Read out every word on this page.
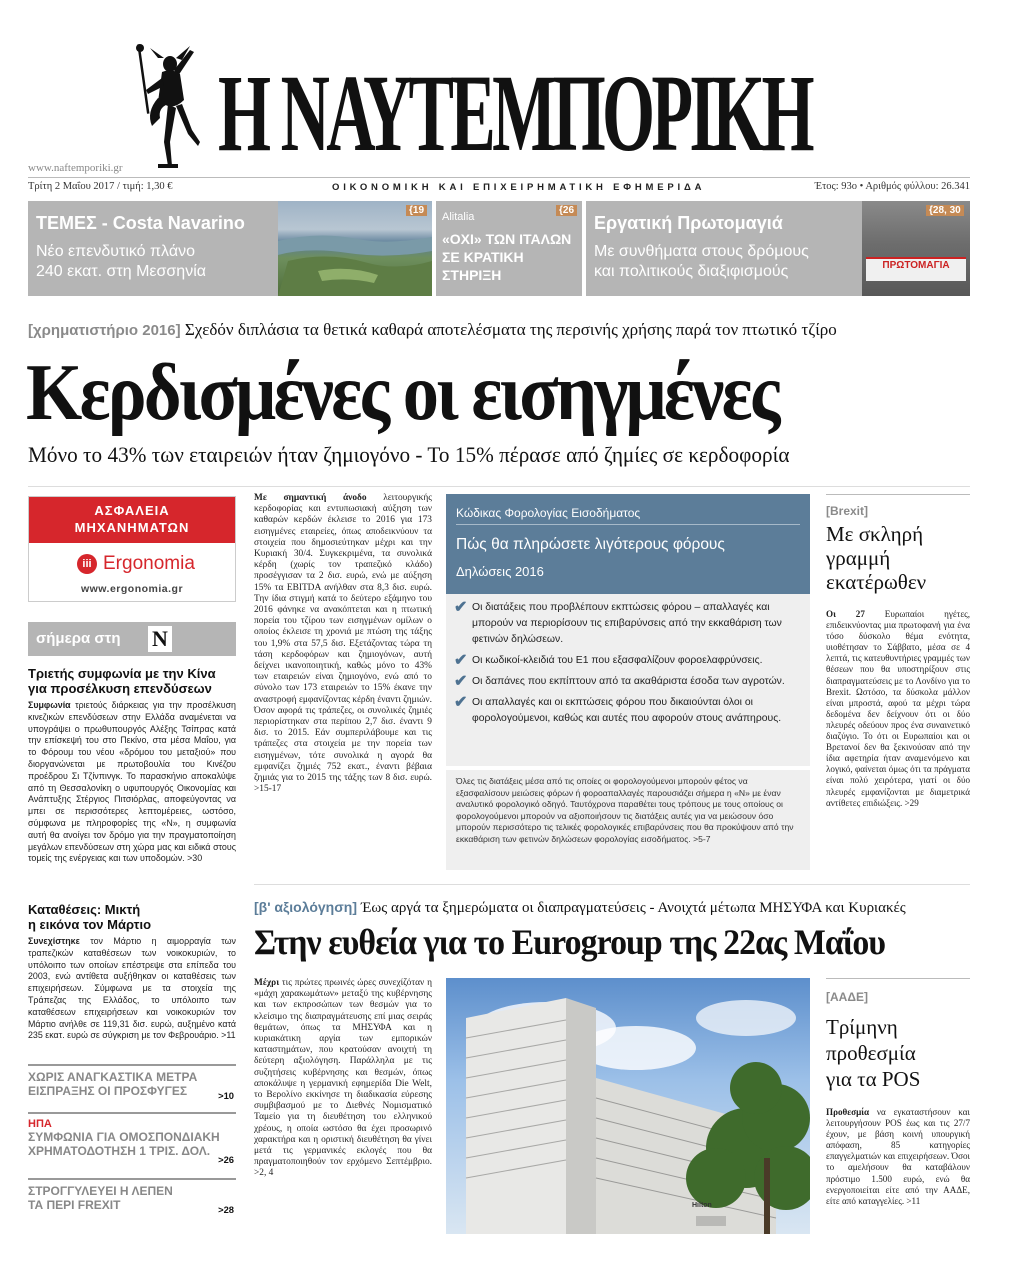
Η ΝΑΥΤΕΜΠΟΡΙΚΗ
www.naftemporiki.gr
Τρίτη 2 Μαΐου 2017 / τιμή: 1,30 €	ΟΙΚΟΝΟΜΙΚΗ ΚΑΙ ΕΠΙΧΕΙΡΗΜΑΤΙΚΗ ΕΦΗΜΕΡΙΔΑ	Έτος: 93ο • Αριθμός φύλλου: 26.341
ΤΕΜΕΣ - Costa Navarino
Νέο επενδυτικό πλάνο
240 εκατ. στη Μεσσηνία
{19
Alitalia
«ΟΧΙ» ΤΩΝ ΙΤΑΛΩΝ
ΣΕ ΚΡΑΤΙΚΗ
ΣΤΗΡΙΞΗ
{26
ΠΡΩΤΟΜΑΓΙΑ
Εργατική Πρωτομαγιά
Με συνθήματα στους δρόμους
και πολιτικούς διαξιφισμούς
{28, 30
[χρηματιστήριο 2016] Σχεδόν διπλάσια τα θετικά καθαρά αποτελέσματα της περσινής χρήσης παρά τον πτωτικό τζίρο
Κερδισμένες οι εισηγμένες
Μόνο το 43% των εταιρειών ήταν ζημιογόνο - Το 15% πέρασε από ζημίες σε κερδοφορία
ΑΣΦΑΛΕΙΑ
ΜΗΧΑΝΗΜΑΤΩΝ
iii Ergonomia
www.ergonomia.gr
σήμερα στη Ν
Τριετής συμφωνία με την Κίνα
για προσέλκυση επενδύσεων
Συμφωνία τριετούς διάρκειας για την προσέλκυση κινεζικών επενδύσεων στην Ελλάδα αναμένεται να υπογράψει ο πρωθυπουργός Αλέξης Τσίπρας κατά την επίσκεψή του στο Πεκίνο, στα μέσα Μαΐου, για το Φόρουμ του νέου «δρόμου του μεταξιού» που διοργανώνεται με πρωτοβουλία του Κινέζου προέδρου Σι Τζίνπινγκ. Το παρασκήνιο αποκαλύψε από τη Θεσσαλονίκη ο υφυπουργός Οικονομίας και Ανάπτυξης Στέργιος Πιτσιόρλας, αποφεύγοντας να μπει σε περισσότερες λεπτομέρειες, ωστόσο, σύμφωνα με πληροφορίες της «Ν», η συμφωνία αυτή θα ανοίγει τον δρόμο για την πραγματοποίηση μεγάλων επενδύσεων στη χώρα μας και ειδικά στους τομείς της ενέργειας και των υποδομών. >30
Καταθέσεις: Μικτή
η εικόνα τον Μάρτιο
Συνεχίστηκε τον Μάρτιο η αιμορραγία των τραπεζικών καταθέσεων των νοικοκυριών, το υπόλοιπο των οποίων επέστρεψε στα επίπεδα του 2003, ενώ αντίθετα αυξήθηκαν οι καταθέσεις των επιχειρήσεων. Σύμφωνα με τα στοιχεία της Τράπεζας της Ελλάδος, το υπόλοιπο των καταθέσεων επιχειρήσεων και νοικοκυριών τον Μάρτιο ανήλθε σε 119,31 δισ. ευρώ, αυξημένο κατά 235 εκατ. ευρώ σε σύγκριση με τον Φεβρουάριο. >11
ΧΩΡΙΣ ΑΝΑΓΚΑΣΤΙΚΑ ΜΕΤΡΑ
ΕΙΣΠΡΑΞΗΣ ΟΙ ΠΡΟΣΦΥΓΕΣ	>10
ΗΠΑ
ΣΥΜΦΩΝΙΑ ΓΙΑ ΟΜΟΣΠΟΝΔΙΑΚΗ
ΧΡΗΜΑΤΟΔΟΤΗΣΗ 1 ΤΡΙΣ. ΔΟΛ.
>26
ΣΤΡΟΓΓΥΛΕΥΕΙ Η ΛΕΠΕΝ
ΤΑ ΠΕΡΙ FREXIT	>28
Με σημαντική άνοδο λειτουργικής κερδοφορίας και εντυπωσιακή αύξηση των καθαρών κερδών έκλεισε το 2016 για 173 εισηγμένες εταιρείες, όπως αποδεικνύουν τα στοιχεία που δημοσιεύτηκαν μέχρι και την Κυριακή 30/4. Συγκεκριμένα, τα συνολικά κέρδη (χωρίς τον τραπεζικό κλάδο) προσέγγισαν τα 2 δισ. ευρώ, ενώ με αύξηση 15% τα EBITDA ανήλθαν στα 8,3 δισ. ευρώ. Την ίδια στιγμή κατά το δεύτερο εξάμηνο του 2016 φάνηκε να ανακόπτεται και η πτωτική πορεία του τζίρου των εισηγμένων ομίλων ο οποίος έκλεισε τη χρονιά με πτώση της τάξης του 1,9% στα 57,5 δισ. Εξετάζοντας τώρα τη τάση κερδοφόρων και ζημιογόνων, αυτή δείχνει ικανοποιητική, καθώς μόνο το 43% των εταιρειών είναι ζημιογόνο, ενώ από το σύνολο των 173 εταιρειών το 15% έκανε την αναστροφή εμφανίζοντας κέρδη έναντι ζημιών. Όσον αφορά τις τράπεζες, οι συνολικές ζημιές περιορίστηκαν στα περίπου 2,7 δισ. έναντι 9 δισ. το 2015. Εάν συμπεριλάβουμε και τις τράπεζες στα στοιχεία με την πορεία των εισηγμένων, τότε συνολικά η αγορά θα εμφανίζει ζημιές 752 εκατ., έναντι βέβαια ζημιάς για το 2015 της τάξης των 8 δισ. ευρώ. >15-17
Κώδικας Φορολογίας Εισοδήματος
Πώς θα πληρώσετε λιγότερους φόρους
Δηλώσεις 2016
✔ Οι διατάξεις που προβλέπουν εκπτώσεις φόρου – απαλλαγές και μπορούν να περιορίσουν τις επιβαρύνσεις από την εκκαθάριση των φετινών δηλώσεων.
✔ Οι κωδικοί-κλειδιά του Ε1 που εξασφαλίζουν φοροελαφρύνσεις.
✔ Οι δαπάνες που εκπίπτουν από τα ακαθάριστα έσοδα των αγροτών.
✔ Οι απαλλαγές και οι εκπτώσεις φόρου που δικαιούνται όλοι οι φορολογούμενοι, καθώς και αυτές που αφορούν στους ανάπηρους.
Όλες τις διατάξεις μέσα από τις οποίες οι φορολογούμενοι μπορούν φέτος να εξασφαλίσουν μειώσεις φόρων ή φοροαπαλλαγές παρουσιάζει σήμερα η «Ν» με έναν αναλυτικό φορολογικό οδηγό. Ταυτόχρονα παραθέτει τους τρόπους με τους οποίους οι φορολογούμενοι μπορούν να αξιοποιήσουν τις διατάξεις αυτές για να μειώσουν όσο μπορούν περισσότερο τις τελικές φορολογικές επιβαρύνσεις που θα προκύψουν από την εκκαθάριση των φετινών δηλώσεων φορολογίας εισοδήματος. >5-7
[Brexit]
Με σκληρή
γραμμή
εκατέρωθεν
Οι 27 Ευρωπαίοι ηγέτες, επιδεικνύοντας μια πρωτοφανή για ένα τόσο δύσκολο θέμα ενότητα, υιοθέτησαν το Σάββατο, μέσα σε 4 λεπτά, τις κατευθυντήριες γραμμές των θέσεων που θα υποστηρίξουν στις διαπραγματεύσεις με το Λονδίνο για το Brexit. Ωστόσο, τα δύσκολα μάλλον είναι μπροστά, αφού τα μέχρι τώρα δεδομένα δεν δείχνουν ότι οι δύο πλευρές οδεύουν προς ένα συναινετικό διαζύγιο. Το ότι οι Ευρωπαίοι και οι Βρετανοί δεν θα ξεκινούσαν από την ίδια αφετηρία ήταν αναμενόμενο και λογικό, φαίνεται όμως ότι τα πράγματα είναι πολύ χειρότερα, γιατί οι δύο πλευρές εμφανίζονται με διαμετρικά αντίθετες επιδιώξεις. >29
[β' αξιολόγηση] Έως αργά τα ξημερώματα οι διαπραγματεύσεις - Ανοιχτά μέτωπα ΜΗΣΥΦΑ και Κυριακές
Στην ευθεία για το Eurogroup της 22ας Μαΐου
Μέχρι τις πρώτες πρωινές ώρες συνεχίζόταν η «μάχη χαρακωμάτων» μεταξύ της κυβέρνησης και των εκπροσώπων των θεσμών για το κλείσιμο της διαπραγμάτευσης επί μιας σειράς θεμάτων, όπως τα ΜΗΣΥΦΑ και η κυριακάτικη αργία των εμπορικών καταστημάτων, που κρατούσαν ανοιχτή τη δεύτερη αξιολόγηση. Παράλληλα με τις συζητήσεις κυβέρνησης και θεσμών, όπως αποκάλυψε η γερμανική εφημερίδα Die Welt, το Βερολίνο εκκίνησε τη διαδικασία εύρεσης συμβιβασμού με το Διεθνές Νομισματικό Ταμείο για τη διευθέτηση του ελληνικού χρέους, η οποία ωστόσο θα έχει προσωρινό χαρακτήρα και η οριστική διευθέτηση θα γίνει μετά τις γερμανικές εκλογές που θα πραγματοποιηθούν τον ερχόμενο Σεπτέμβριο. >2, 4
Hilton
[ΑΑΔΕ]
Τρίμηνη
προθεσμία
για τα POS
Προθεσμία να εγκαταστήσουν και λειτουργήσουν POS έως και τις 27/7 έχουν, με βάση κοινή υπουργική απόφαση, 85 κατηγορίες επαγγελματιών και επιχειρήσεων. Όσοι το αμελήσουν θα καταβάλουν πρόστιμο 1.500 ευρώ, ενώ θα ενεργοποιείται είτε από την ΑΑΔΕ, είτε από καταγγελίες. >11
